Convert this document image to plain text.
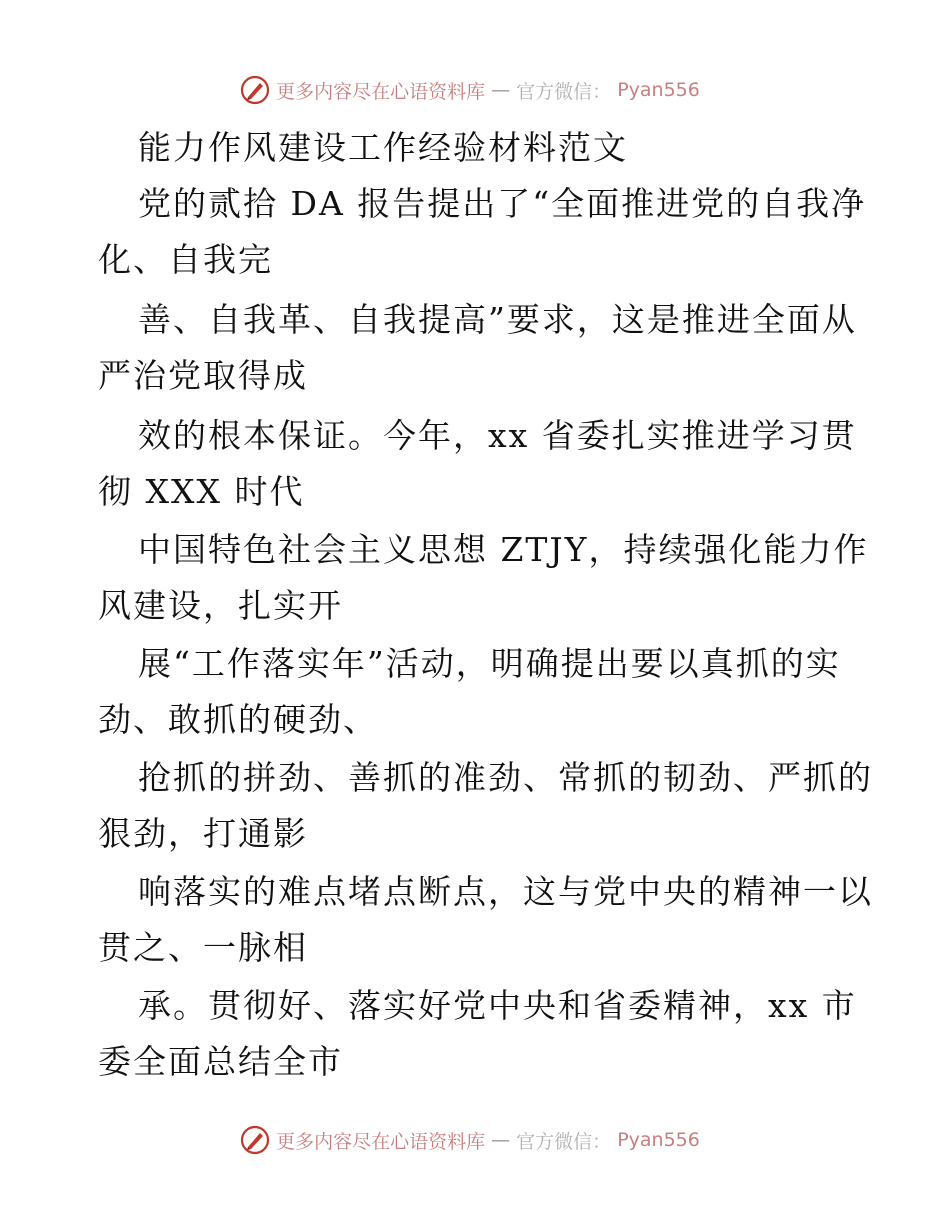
更多内容尽在心语资料库 — 官方微信： Pyan556
能力作风建设工作经验材料范文
党的贰拾 DA 报告提出了“全面推进党的自我净
化、自我完
善、自我革、自我提高”要求，这是推进全面从
严治党取得成
效的根本保证。今年，xx 省委扎实推进学习贯
彻 XXX 时代
中国特色社会主义思想 ZTJY，持续强化能力作
风建设，扎实开
展“工作落实年”活动，明确提出要以真抓的实
劲、敢抓的硬劲、
抢抓的拼劲、善抓的准劲、常抓的韧劲、严抓的
狠劲，打通影
响落实的难点堵点断点，这与党中央的精神一以
贯之、一脉相
承。贯彻好、落实好党中央和省委精神，xx 市
委全面总结全市
更多内容尽在心语资料库 — 官方微信： Pyan556
